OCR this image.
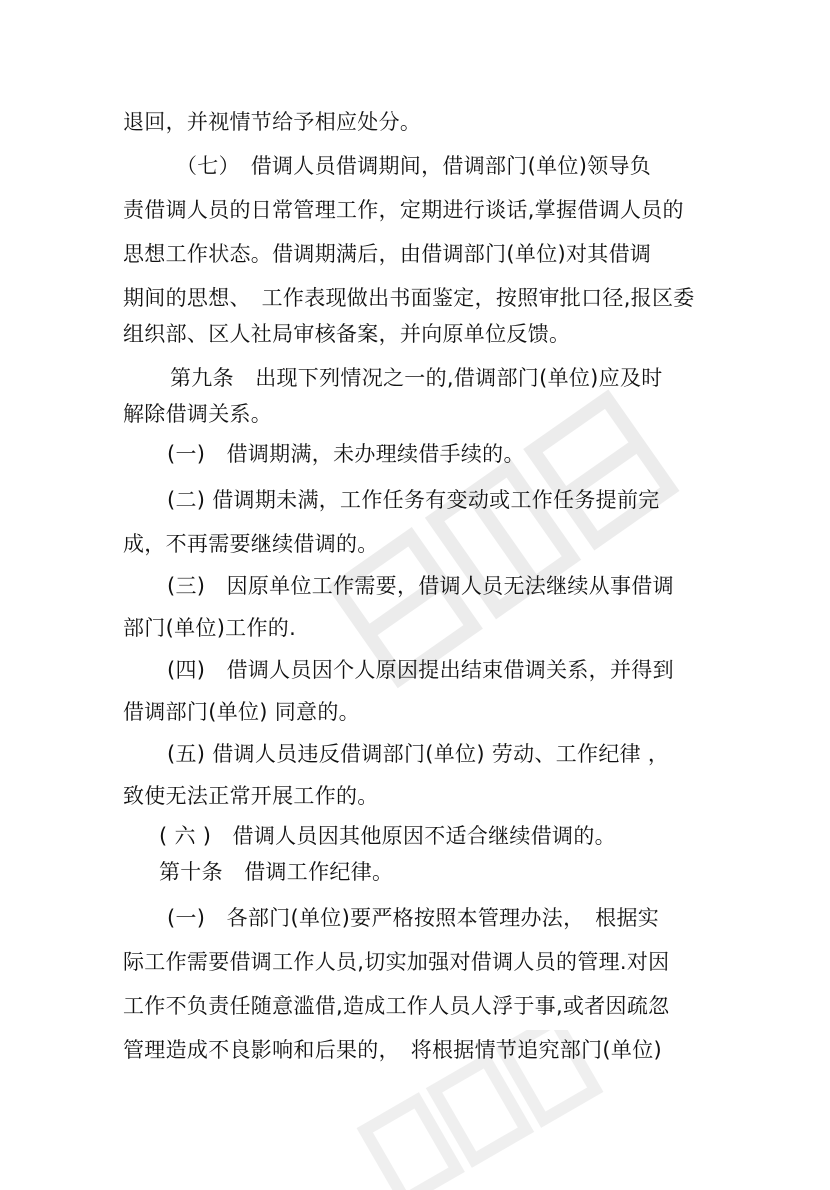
退回，并视情节给予相应处分。
（七）　借调人员借调期间，借调部门(单位)领导负
责借调人员的日常管理工作，定期进行谈话,掌握借调人员的
思想工作状态。借调期满后，由借调部门(单位)对其借调
期间的思想、　工作表现做出书面鉴定，按照审批口径,报区委
组织部、区人社局审核备案，并向原单位反馈。
第九条　出现下列情况之一的,借调部门(单位)应及时
解除借调关系。
(一)　借调期满，未办理续借手续的。
(二) 借调期未满，工作任务有变动或工作任务提前完
成，不再需要继续借调的。
(三)　因原单位工作需要，借调人员无法继续从事借调
部门(单位)工作的.
(四)　借调人员因个人原因提出结束借调关系，并得到
借调部门(单位) 同意的。
(五) 借调人员违反借调部门(单位) 劳动、工作纪律 ，
致使无法正常开展工作的。
( 六 )　借调人员因其他原因不适合继续借调的。
第十条　借调工作纪律。
(一)　各部门(单位)要严格按照本管理办法，　根据实
际工作需要借调工作人员,切实加强对借调人员的管理.对因
工作不负责任随意滥借,造成工作人员人浮于事,或者因疏忽
管理造成不良影响和后果的，　将根据情节追究部门(单位)
